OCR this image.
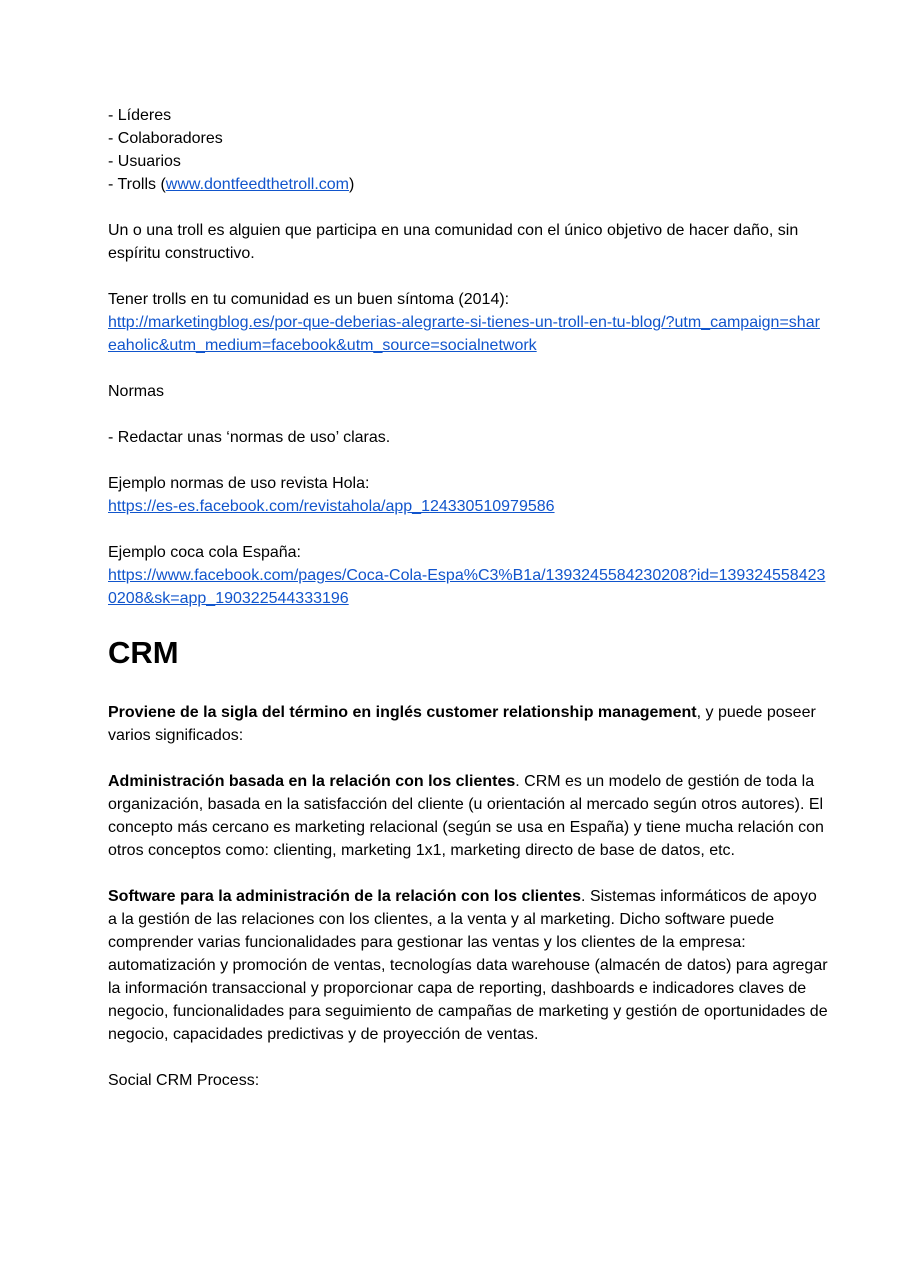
- Líderes
- Colaboradores
- Usuarios
- Trolls (www.dontfeedthetroll.com)

Un o una troll es alguien que participa en una comunidad con el único objetivo de hacer daño, sin espíritu constructivo.

Tener trolls en tu comunidad es un buen síntoma (2014):
http://marketingblog.es/por-que-deberias-alegrarte-si-tienes-un-troll-en-tu-blog/?utm_campaign=shareaholic&utm_medium=facebook&utm_source=socialnetwork

Normas

- Redactar unas ‘normas de uso’ claras.

Ejemplo normas de uso revista Hola:
https://es-es.facebook.com/revistahola/app_124330510979586

Ejemplo coca cola España:
https://www.facebook.com/pages/Coca-Cola-Espa%C3%B1a/1393245584230208?id=1393245584230208&sk=app_190322544333196

CRM

Proviene de la sigla del término en inglés customer relationship management, y puede poseer varios significados:

Administración basada en la relación con los clientes. CRM es un modelo de gestión de toda la organización, basada en la satisfacción del cliente (u orientación al mercado según otros autores). El concepto más cercano es marketing relacional (según se usa en España) y tiene mucha relación con otros conceptos como: clienting, marketing 1x1, marketing directo de base de datos, etc.

Software para la administración de la relación con los clientes. Sistemas informáticos de apoyo a la gestión de las relaciones con los clientes, a la venta y al marketing. Dicho software puede comprender varias funcionalidades para gestionar las ventas y los clientes de la empresa: automatización y promoción de ventas, tecnologías data warehouse (almacén de datos) para agregar la información transaccional y proporcionar capa de reporting, dashboards e indicadores claves de negocio, funcionalidades para seguimiento de campañas de marketing y gestión de oportunidades de negocio, capacidades predictivas y de proyección de ventas.

Social CRM Process:
